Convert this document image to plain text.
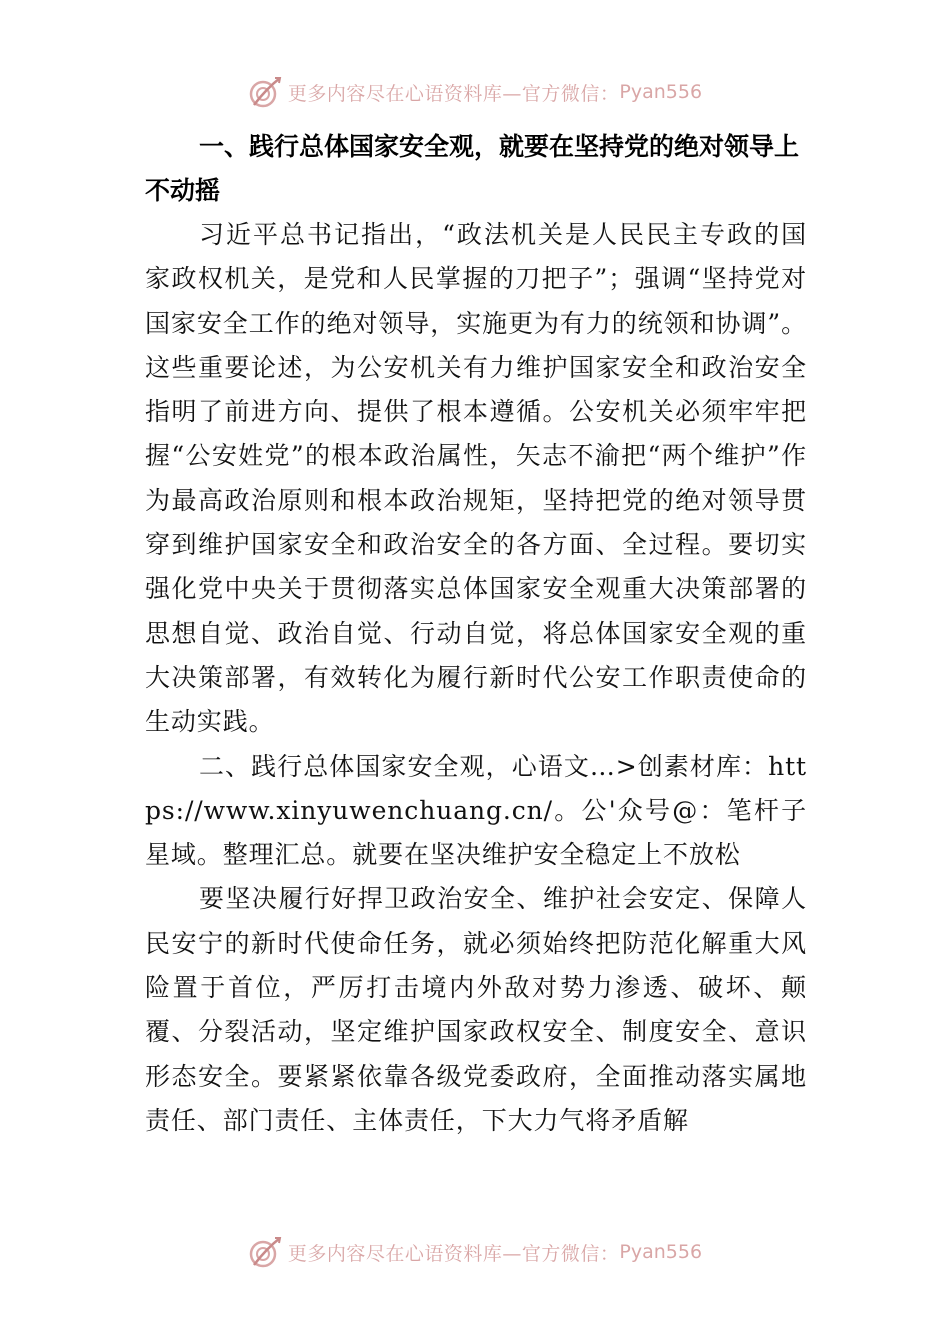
更多内容尽在心语资料库—官方微信： Pyan556

一、践行总体国家安全观，就要在坚持党的绝对领导上不动摇

习近平总书记指出，“政法机关是人民民主专政的国家政权机关，是党和人民掌握的刀把子”；强调“坚持党对国家安全工作的绝对领导，实施更为有力的统领和协调”。这些重要论述，为公安机关有力维护国家安全和政治安全指明了前进方向、提供了根本遵循。公安机关必须牢牢把握“公安姓党”的根本政治属性，矢志不渝把“两个维护”作为最高政治原则和根本政治规矩，坚持把党的绝对领导贯穿到维护国家安全和政治安全的各方面、全过程。要切实强化党中央关于贯彻落实总体国家安全观重大决策部署的思想自觉、政治自觉、行动自觉，将总体国家安全观的重大决策部署，有效转化为履行新时代公安工作职责使命的生动实践。

二、践行总体国家安全观，心语文…>创素材库：https://www.xinyuwenchuang.cn/。公'众号@：笔杆子星域。整理汇总。就要在坚决维护安全稳定上不放松

要坚决履行好捍卫政治安全、维护社会安定、保障人民安宁的新时代使命任务，就必须始终把防范化解重大风险置于首位，严厉打击境内外敌对势力渗透、破坏、颠覆、分裂活动，坚定维护国家政权安全、制度安全、意识形态安全。要紧紧依靠各级党委政府，全面推动落实属地责任、部门责任、主体责任，下大力气将矛盾解

更多内容尽在心语资料库—官方微信： Pyan556
